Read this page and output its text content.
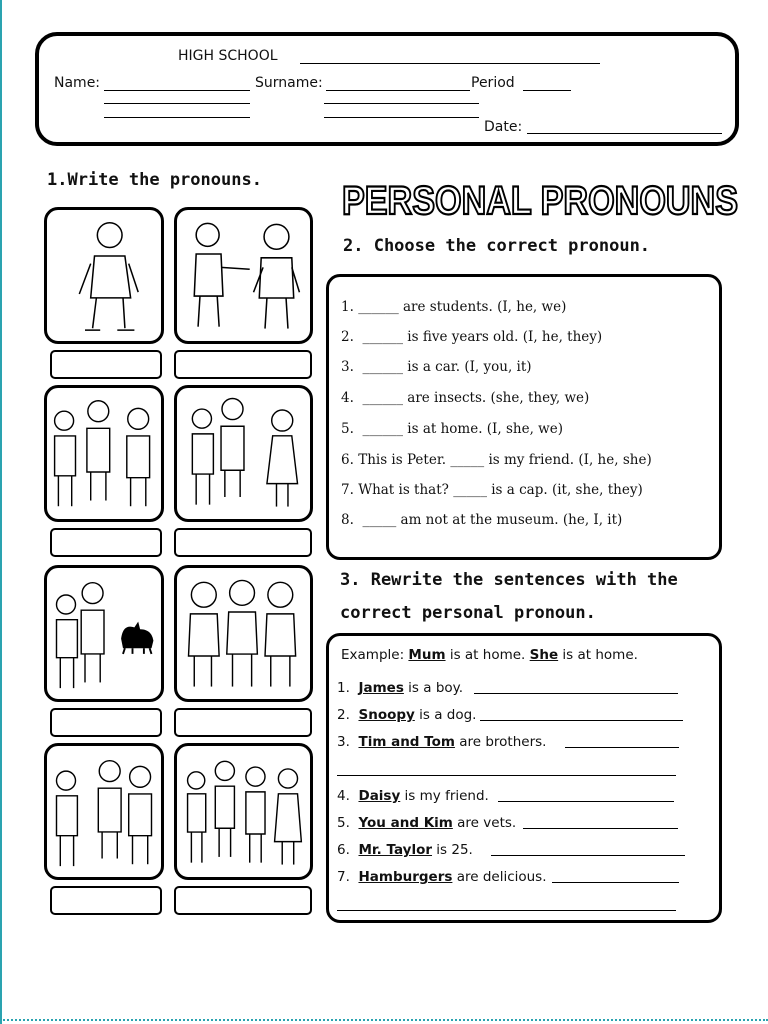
HIGH SCHOOL
Name:	Surname:	Period
Date:
1.Write the pronouns. PERSONAL PRONOUNS
2. Choose the correct pronoun.
1. ______ are students. (I, he, we)
2. ______ is five years old. (I, he, they)
3. ______ is a car. (I, you, it)
4. ______ are insects. (she, they, we)
5. ______ is at home. (I, she, we)
6. This is Peter. _____ is my friend. (I, he, she)
7. What is that? _____ is a cap. (it, she, they)
8. _____ am not at the museum. (he, I, it)
3. Rewrite the sentences with the
correct personal pronoun.
Example: Mum is at home. She is at home.
1. James is a boy.
2. Snoopy is a dog.
3. Tim and Tom are brothers.
4. Daisy is my friend.
5. You and Kim are vets.
6. Mr. Taylor is 25.
7. Hamburgers are delicious.
